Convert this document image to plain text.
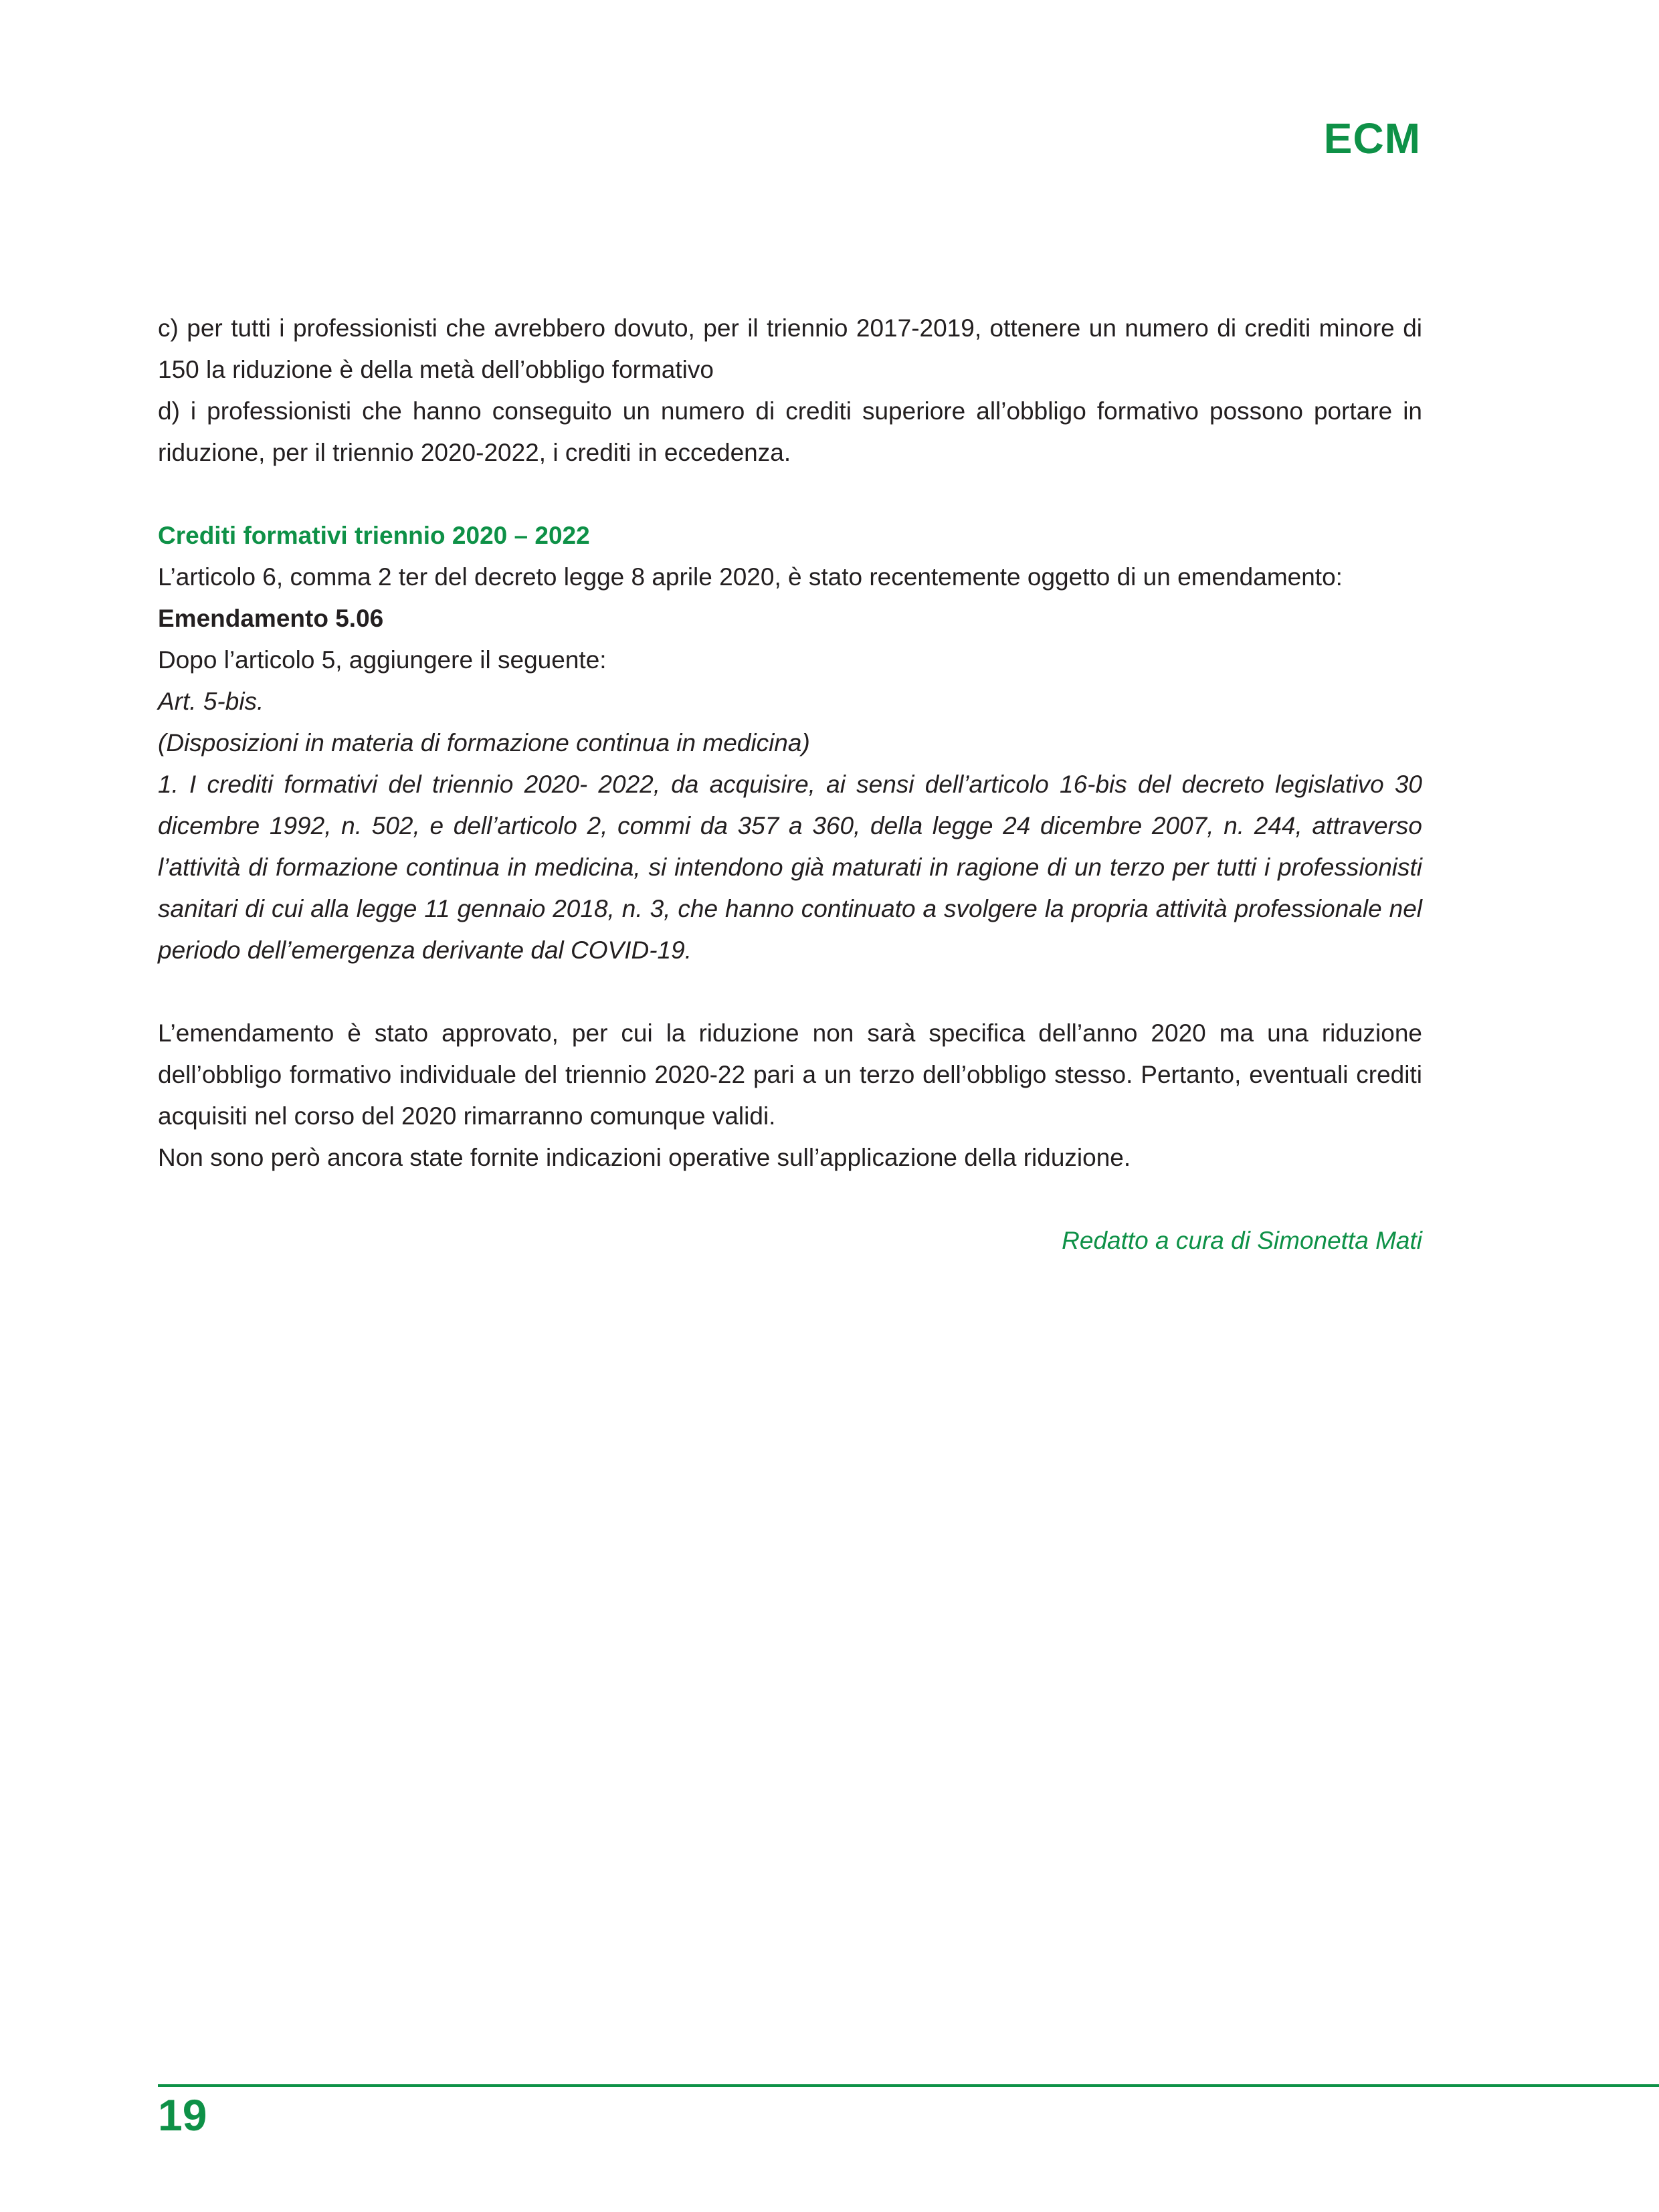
ECM

c) per tutti i professionisti che avrebbero dovuto, per il triennio 2017-2019, ottenere un numero di crediti minore di 150 la riduzione è della metà dell’obbligo formativo

d) i professionisti che hanno conseguito un numero di crediti superiore all’obbligo formativo possono portare in riduzione, per il triennio 2020-2022, i crediti in eccedenza.

Crediti formativi triennio 2020 – 2022

L’articolo 6, comma 2 ter del decreto legge 8 aprile 2020, è stato recentemente oggetto di un emendamento:

Emendamento 5.06

Dopo l’articolo 5, aggiungere il seguente:

Art. 5-bis.

(Disposizioni in materia di formazione continua in medicina)

1. I crediti formativi del triennio 2020- 2022, da acquisire, ai sensi dell’articolo 16-bis del decreto legislativo 30 dicembre 1992, n. 502, e dell’articolo 2, commi da 357 a 360, della legge 24 dicembre 2007, n. 244, attraverso l’attività di formazione continua in medicina, si intendono già maturati in ragione di un terzo per tutti i professionisti sanitari di cui alla legge 11 gennaio 2018, n. 3, che hanno continuato a svolgere la propria attività professionale nel periodo dell’emergenza derivante dal COVID-19.

L’emendamento è stato approvato, per cui la riduzione non sarà specifica dell’anno 2020 ma una riduzione dell’obbligo formativo individuale del triennio 2020-22 pari a un terzo dell’obbligo stesso. Pertanto, eventuali crediti acquisiti nel corso del 2020 rimarranno comunque validi.

Non sono però ancora state fornite indicazioni operative sull’applicazione della riduzione.

Redatto a cura di Simonetta Mati

19
